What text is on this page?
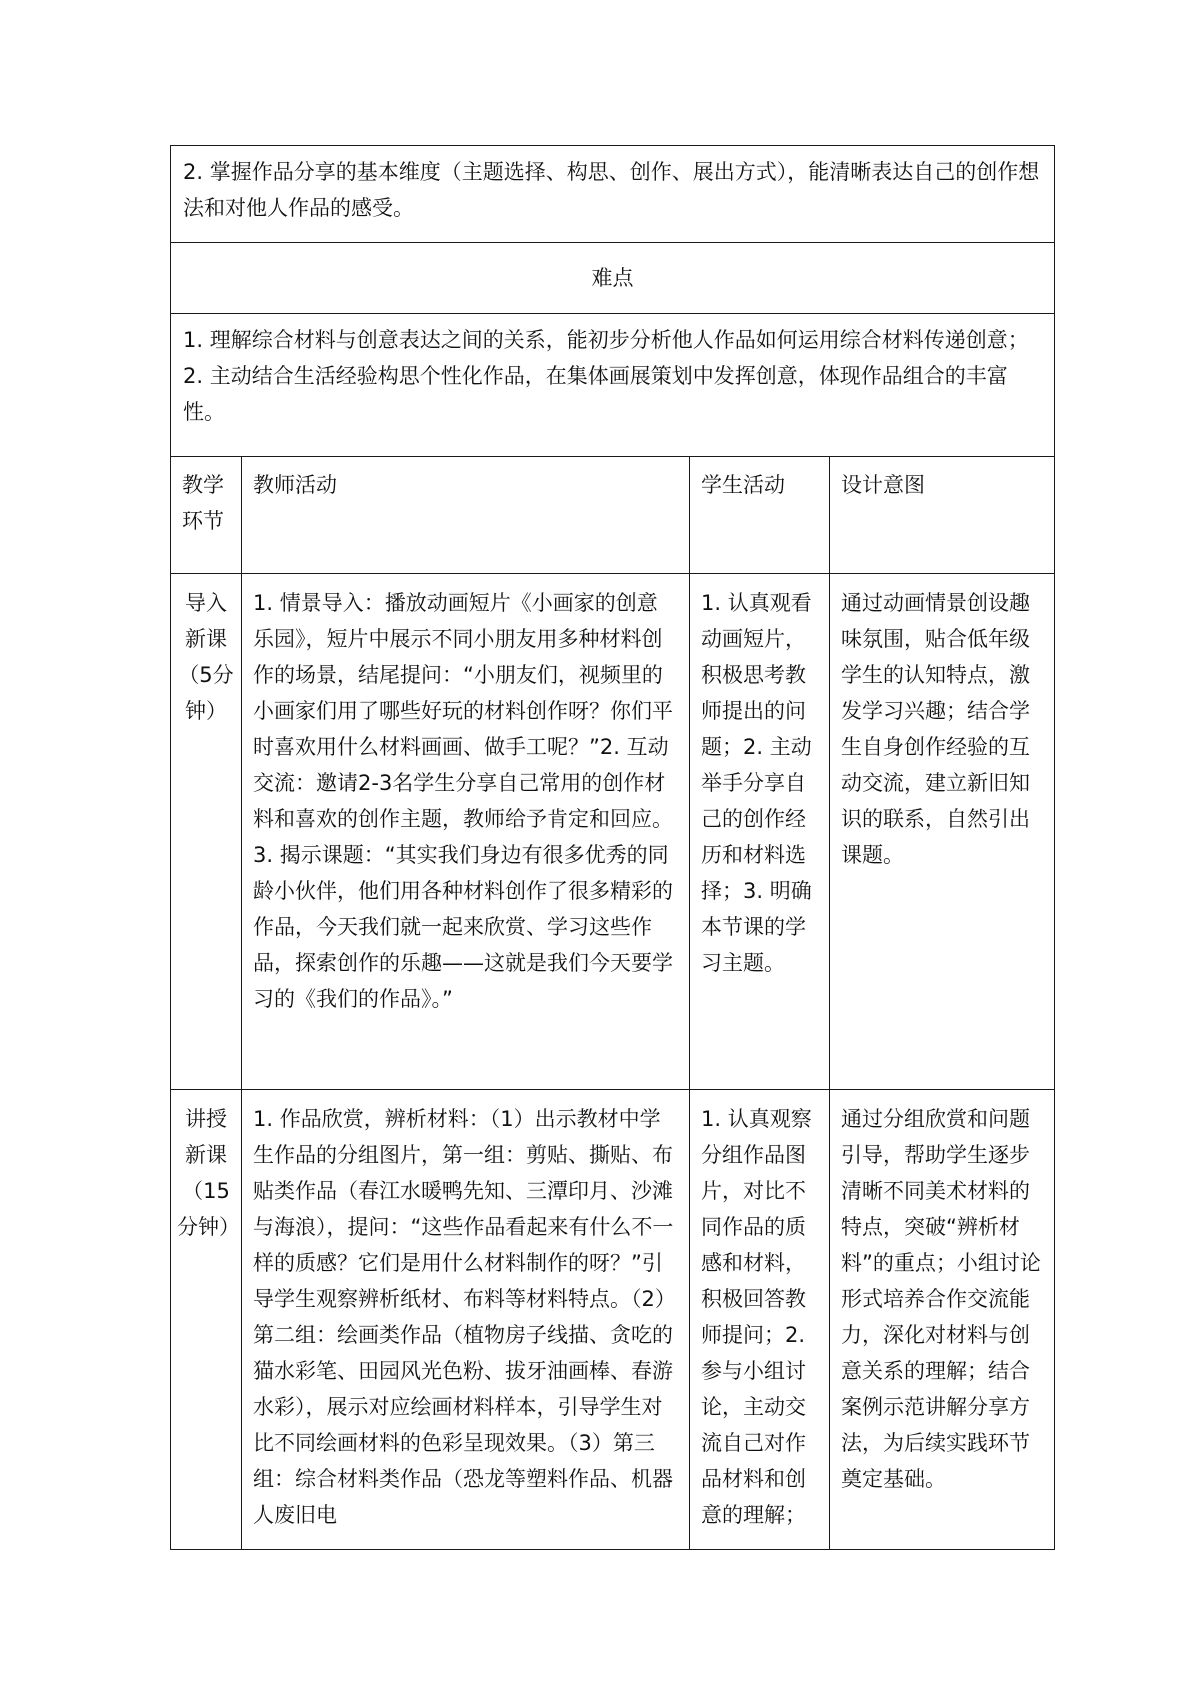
2. 掌握作品分享的基本维度（主题选择、构思、创作、展出方式），能清晰表达自己的创作想法和对他人作品的感受。			
难点			
1. 理解综合材料与创意表达之间的关系，能初步分析他人作品如何运用综合材料传递创意；2. 主动结合生活经验构思个性化作品，在集体画展策划中发挥创意，体现作品组合的丰富性。			
教学环节	教师活动	学生活动	设计意图
导入新课（5分钟）	1. 情景导入：播放动画短片《小画家的创意乐园》，短片中展示不同小朋友用多种材料创作的场景，结尾提问：“小朋友们，视频里的小画家们用了哪些好玩的材料创作呀？你们平时喜欢用什么材料画画、做手工呢？”2. 互动交流：邀请2-3名学生分享自己常用的创作材料和喜欢的创作主题，教师给予肯定和回应。3. 揭示课题：“其实我们身边有很多优秀的同龄小伙伴，他们用各种材料创作了很多精彩的作品，今天我们就一起来欣赏、学习这些作品，探索创作的乐趣——这就是我们今天要学习的《我们的作品》。”	1. 认真观看动画短片，积极思考教师提出的问题；2. 主动举手分享自己的创作经历和材料选择；3. 明确本节课的学习主题。	通过动画情景创设趣味氛围，贴合低年级学生的认知特点，激发学习兴趣；结合学生自身创作经验的互动交流，建立新旧知识的联系，自然引出课题。
讲授新课（15分钟）	1. 作品欣赏，辨析材料：（1）出示教材中学生作品的分组图片，第一组：剪贴、撕贴、布贴类作品（春江水暖鸭先知、三潭印月、沙滩与海浪），提问：“这些作品看起来有什么不一样的质感？它们是用什么材料制作的呀？”引导学生观察辨析纸材、布料等材料特点。（2）第二组：绘画类作品（植物房子线描、贪吃的猫水彩笔、田园风光色粉、拔牙油画棒、春游水彩），展示对应绘画材料样本，引导学生对比不同绘画材料的色彩呈现效果。（3）第三组：综合材料类作品（恐龙等塑料作品、机器人废旧电	1. 认真观察分组作品图片，对比不同作品的质感和材料，积极回答教师提问；2. 参与小组讨论，主动交流自己对作品材料和创意的理解；	通过分组欣赏和问题引导，帮助学生逐步清晰不同美术材料的特点，突破“辨析材料”的重点；小组讨论形式培养合作交流能力，深化对材料与创意关系的理解；结合案例示范讲解分享方法，为后续实践环节奠定基础。
